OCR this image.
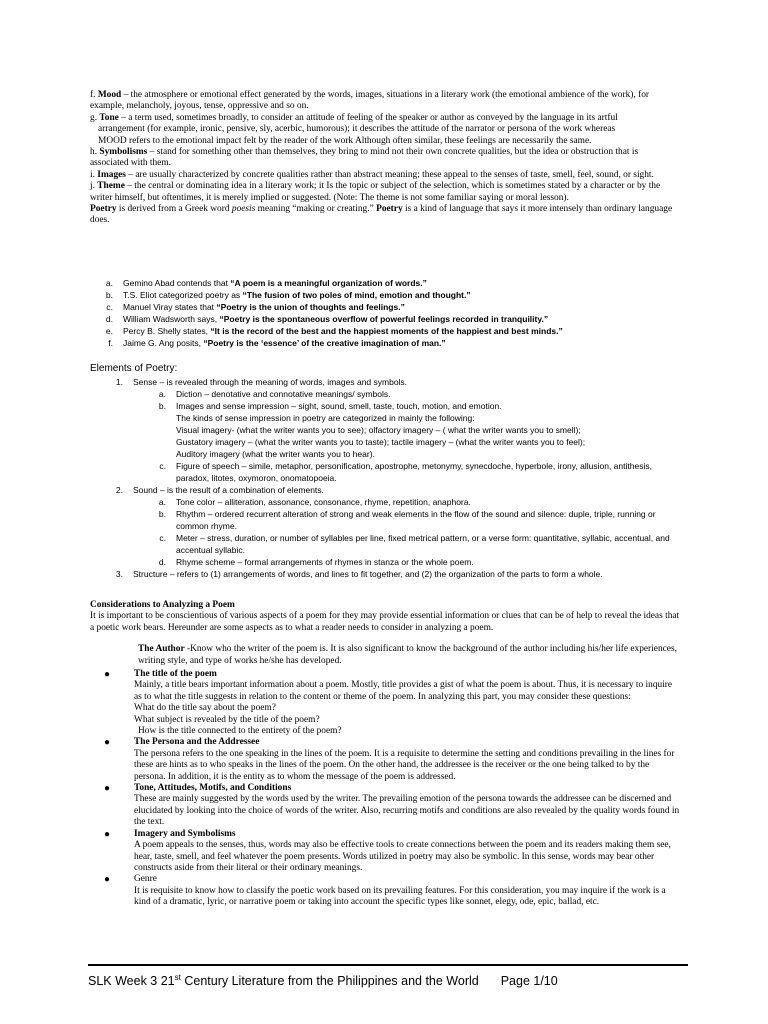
f. Mood – the atmosphere or emotional effect generated by the words, images, situations in a literary work (the emotional ambience of the work), for example, melancholy, joyous, tense, oppressive and so on.

g. Tone – a term used, sometimes broadly, to consider an attitude of feeling of the speaker or author as conveyed by the language in its artful

arrangement (for example, ironic, pensive, sly, acerbic, humorous); it describes the attitude of the narrator or persona of the work whereas

MOOD refers to the emotional impact felt by the reader of the work Although often similar, these feelings are necessarily the same.

h. Symbolisms – stand for something other than themselves, they bring to mind not their own concrete qualities, but the idea or obstruction that is associated with them.

i. Images – are usually characterized by concrete qualities rather than abstract meaning; these appeal to the senses of taste, smell, feel, sound, or sight.

j. Theme – the central or dominating idea in a literary work; it Is the topic or subject of the selection, which is sometimes stated by a character or by the writer himself, but oftentimes, it is merely implied or suggested. (Note: The theme is not some familiar saying or moral lesson).

Poetry is derived from a Greek word poesis meaning “making or creating.” Poetry is a kind of language that says it more intensely than ordinary language does.

a.	Gemino Abad contends that “A poem is a meaningful organization of words.”
b.	T.S. Eliot categorized poetry as “The fusion of two poles of mind, emotion and thought.”
c.	Manuel Viray states that “Poetry is the union of thoughts and feelings.”
d.	William Wadsworth says, “Poetry is the spontaneous overflow of powerful feelings recorded in tranquility.”
e.	Percy B. Shelly states, “It is the record of the best and the happiest moments of the happiest and best minds.”
f.	Jaime G. Ang posits, “Poetry is the ‘essence’ of the creative imagination of man.”

Elements of Poetry:

1.	Sense – is revealed through the meaning of words, images and symbols.
a.	Diction – denotative and connotative meanings/ symbols.
b.	Images and sense impression – sight, sound, smell, taste, touch, motion, and emotion.

The kinds of sense impression in poetry are categorized in mainly the following:

Visual imagery- (what the writer wants you to see); olfactory imagery – ( what the writer wants you to smell);

Gustatory imagery – (what the writer wants you to taste); tactile imagery – (what the writer wants you to feel);

Auditory imagery (what the writer wants you to hear).

c.	Figure of speech – simile, metaphor, personification, apostrophe, metonymy, synecdoche, hyperbole, irony, allusion, antithesis, paradox, litotes, oxymoron, onomatopoeia.
2.	Sound – is the result of a combination of elements.
a.	Tone color – alliteration, assonance, consonance, rhyme, repetition, anaphora.
b.	Rhythm – ordered recurrent alteration of strong and weak elements in the flow of the sound and silence: duple, triple, running or common rhyme.
c.	Meter – stress, duration, or number of syllables per line, fixed metrical pattern, or a verse form: quantitative, syllabic, accentual, and accentual syllabic.
d.	Rhyme scheme – formal arrangements of rhymes in stanza or the whole poem.
3.	Structure – refers to (1) arrangements of words, and lines to fit together, and (2) the organization of the parts to form a whole.

Considerations to Analyzing a Poem

It is important to be conscientious of various aspects of a poem for they may provide essential information or clues that can be of help to reveal the ideas that a poetic work bears. Hereunder are some aspects as to what a reader needs to consider in analyzing a poem.

The Author -Know who the writer of the poem is. It is also significant to know the background of the author including his/her life experiences, writing style, and type of works he/she has developed.

●	The title of the poem
Mainly, a title bears important information about a poem. Mostly, title provides a gist of what the poem is about. Thus, it is necessary to inquire as to what the title suggests in relation to the content or theme of the poem. In analyzing this part, you may consider these questions:
What do the title say about the poem?
What subject is revealed by the title of the poem?
How is the title connected to the entirety of the poem?
●	The Persona and the Addressee
The persona refers to the one speaking in the lines of the poem. It is a requisite to determine the setting and conditions prevailing in the lines for these are hints as to who speaks in the lines of the poem. On the other hand, the addressee is the receiver or the one being talked to by the persona. In addition, it is the entity as to whom the message of the poem is addressed.
●	Tone, Attitudes, Motifs, and Conditions
These are mainly suggested by the words used by the writer. The prevailing emotion of the persona towards the addressee can be discerned and elucidated by looking into the choice of words of the writer. Also, recurring motifs and conditions are also revealed by the quality words found in the text.
●	Imagery and Symbolisms
A poem appeals to the senses, thus, words may also be effective tools to create connections between the poem and its readers making them see, hear, taste, smell, and feel whatever the poem presents. Words utilized in poetry may also be symbolic. In this sense, words may bear other constructs aside from their literal or their ordinary meanings.
●	Genre
It is requisite to know how to classify the poetic work based on its prevailing features. For this consideration, you may inquire if the work is a kind of a dramatic, lyric, or narrative poem or taking into account the specific types like sonnet, elegy, ode, epic, ballad, etc.
SLK Week 3 21st Century Literature from the Philippines and the World Page 1/10
